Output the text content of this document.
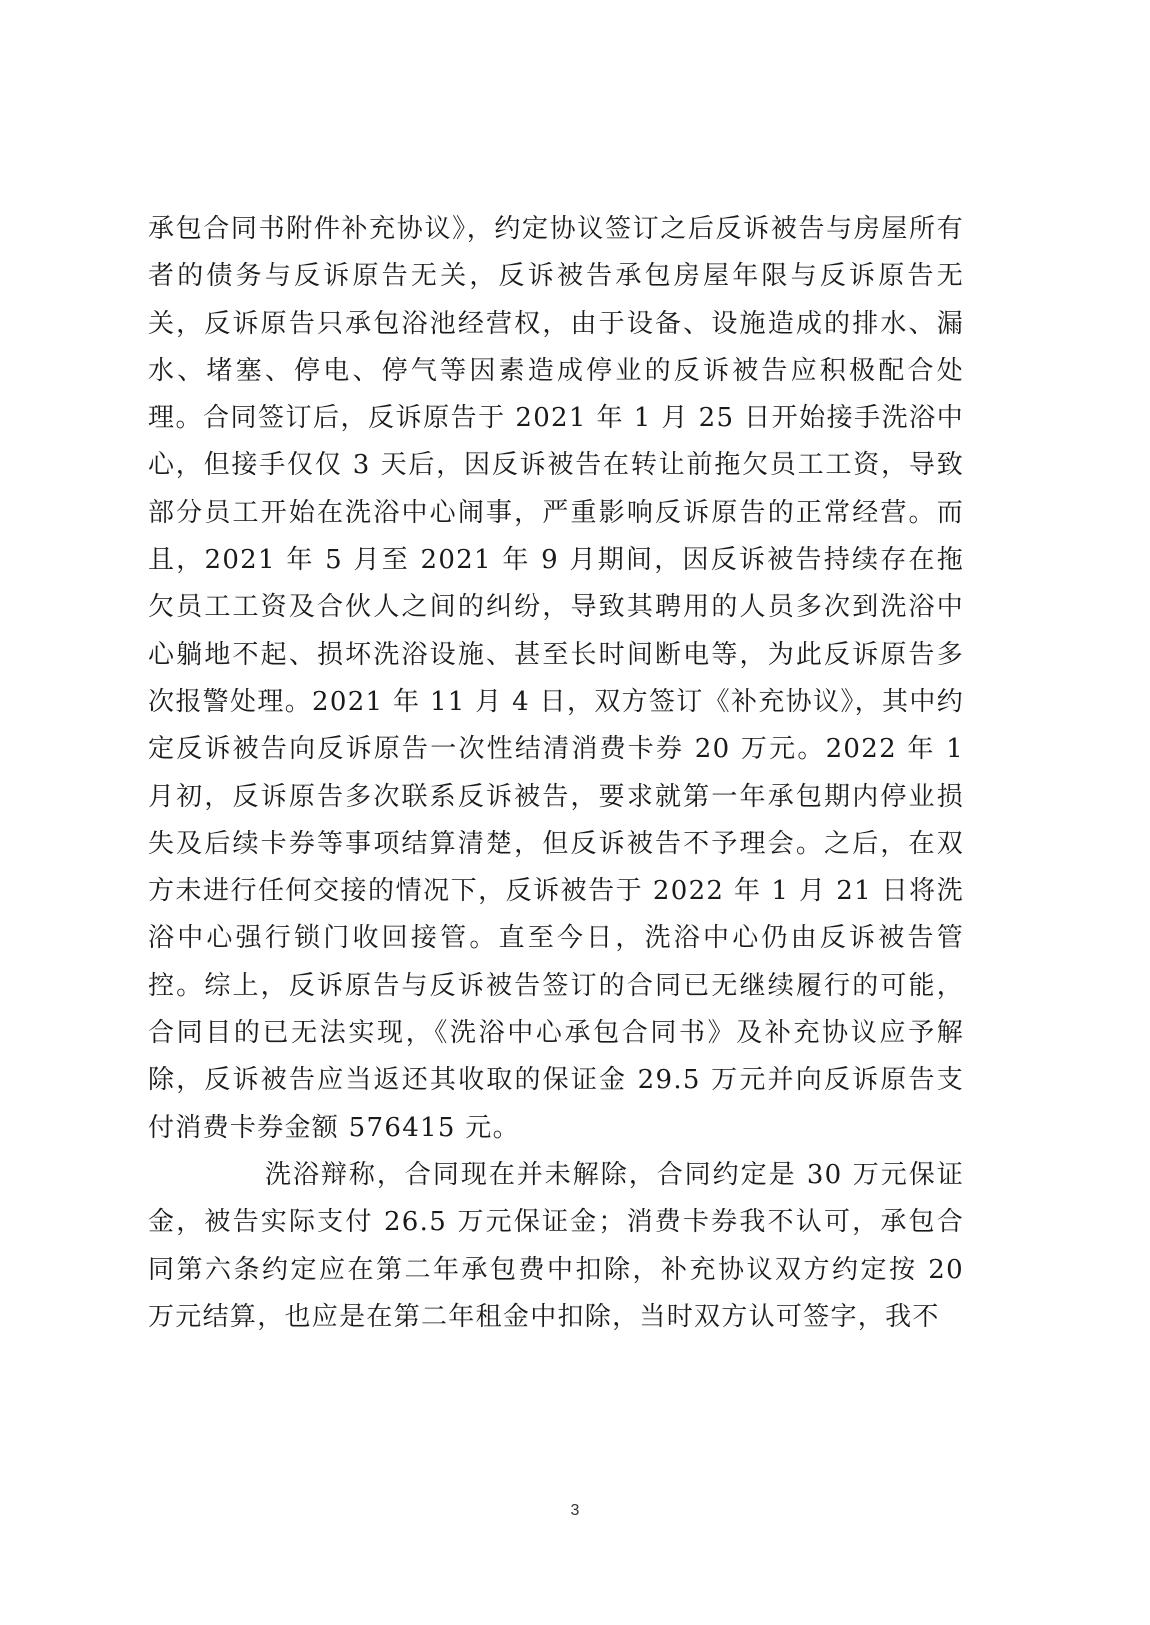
承包合同书附件补充协议》，约定协议签订之后反诉被告与房屋所有者的债务与反诉原告无关，反诉被告承包房屋年限与反诉原告无关，反诉原告只承包浴池经营权，由于设备、设施造成的排水、漏水、堵塞、停电、停气等因素造成停业的反诉被告应积极配合处理。合同签订后，反诉原告于 2021 年 1 月 25 日开始接手洗浴中心，但接手仅仅 3 天后，因反诉被告在转让前拖欠员工工资，导致部分员工开始在洗浴中心闹事，严重影响反诉原告的正常经营。而且，2021 年 5 月至 2021 年 9 月期间，因反诉被告持续存在拖欠员工工资及合伙人之间的纠纷，导致其聘用的人员多次到洗浴中心躺地不起、损坏洗浴设施、甚至长时间断电等，为此反诉原告多次报警处理。2021 年 11 月 4 日，双方签订《补充协议》，其中约定反诉被告向反诉原告一次性结清消费卡券 20 万元。2022 年 1 月初，反诉原告多次联系反诉被告，要求就第一年承包期内停业损失及后续卡券等事项结算清楚，但反诉被告不予理会。之后，在双方未进行任何交接的情况下，反诉被告于 2022 年 1 月 21 日将洗浴中心强行锁门收回接管。直至今日，洗浴中心仍由反诉被告管控。综上，反诉原告与反诉被告签订的合同已无继续履行的可能，合同目的已无法实现，《洗浴中心承包合同书》及补充协议应予解除，反诉被告应当返还其收取的保证金 29.5 万元并向反诉原告支付消费卡券金额 576415 元。

洗浴辩称，合同现在并未解除，合同约定是 30 万元保证金，被告实际支付 26.5 万元保证金；消费卡券我不认可，承包合同第六条约定应在第二年承包费中扣除，补充协议双方约定按 20 万元结算，也应是在第二年租金中扣除，当时双方认可签字，我不

3
